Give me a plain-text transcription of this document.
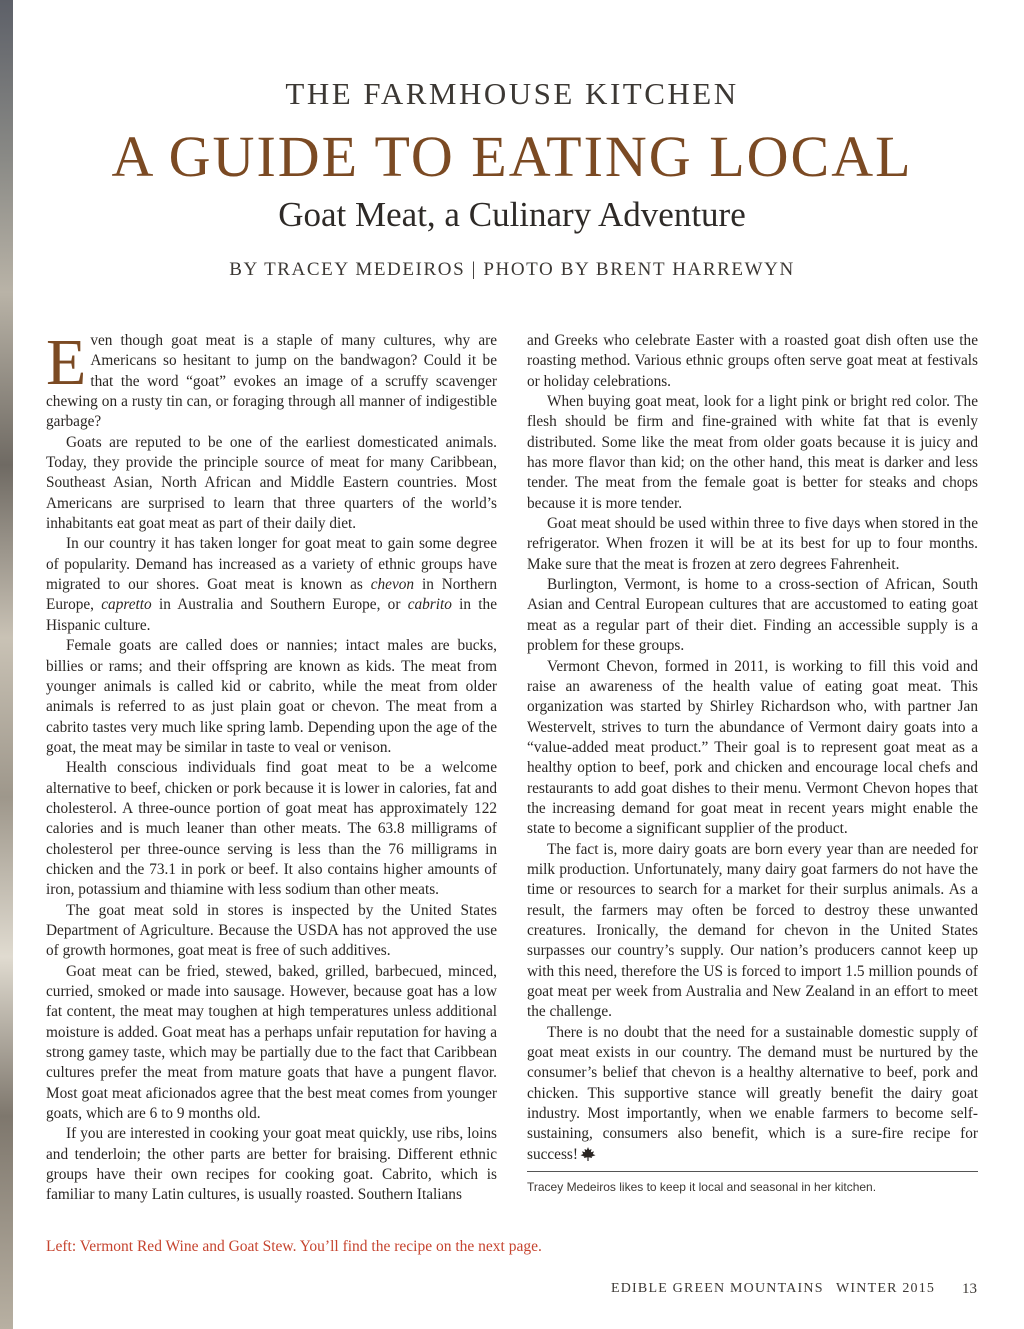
THE FARMHOUSE KITCHEN
A GUIDE TO EATING LOCAL
Goat Meat, a Culinary Adventure
BY TRACEY MEDEIROS | PHOTO BY BRENT HARREWYN

Even though goat meat is a staple of many cultures, why are Americans so hesitant to jump on the bandwagon? Could it be that the word “goat” evokes an image of a scruffy scavenger chewing on a rusty tin can, or foraging through all manner of indigestible garbage?

Goats are reputed to be one of the earliest domesticated animals. Today, they provide the principle source of meat for many Caribbean, Southeast Asian, North African and Middle Eastern countries. Most Americans are surprised to learn that three quarters of the world’s inhabitants eat goat meat as part of their daily diet.

In our country it has taken longer for goat meat to gain some degree of popularity. Demand has increased as a variety of ethnic groups have migrated to our shores. Goat meat is known as chevon in Northern Europe, capretto in Australia and Southern Europe, or cabrito in the Hispanic culture.

Female goats are called does or nannies; intact males are bucks, billies or rams; and their offspring are known as kids. The meat from younger animals is called kid or cabrito, while the meat from older animals is referred to as just plain goat or chevon. The meat from a cabrito tastes very much like spring lamb. Depending upon the age of the goat, the meat may be similar in taste to veal or venison.

Health conscious individuals find goat meat to be a welcome alternative to beef, chicken or pork because it is lower in calories, fat and cholesterol. A three-ounce portion of goat meat has approximately 122 calories and is much leaner than other meats. The 63.8 milligrams of cholesterol per three-ounce serving is less than the 76 milligrams in chicken and the 73.1 in pork or beef. It also contains higher amounts of iron, potassium and thiamine with less sodium than other meats.

The goat meat sold in stores is inspected by the United States Department of Agriculture. Because the USDA has not approved the use of growth hormones, goat meat is free of such additives.

Goat meat can be fried, stewed, baked, grilled, barbecued, minced, curried, smoked or made into sausage. However, because goat has a low fat content, the meat may toughen at high temperatures unless additional moisture is added. Goat meat has a perhaps unfair reputation for having a strong gamey taste, which may be partially due to the fact that Caribbean cultures prefer the meat from mature goats that have a pungent flavor. Most goat meat aficionados agree that the best meat comes from younger goats, which are 6 to 9 months old.

If you are interested in cooking your goat meat quickly, use ribs, loins and tenderloin; the other parts are better for braising. Different ethnic groups have their own recipes for cooking goat. Cabrito, which is familiar to many Latin cultures, is usually roasted. Southern Italians

and Greeks who celebrate Easter with a roasted goat dish often use the roasting method. Various ethnic groups often serve goat meat at festivals or holiday celebrations.

When buying goat meat, look for a light pink or bright red color. The flesh should be firm and fine-grained with white fat that is evenly distributed. Some like the meat from older goats because it is juicy and has more flavor than kid; on the other hand, this meat is darker and less tender. The meat from the female goat is better for steaks and chops because it is more tender.

Goat meat should be used within three to five days when stored in the refrigerator. When frozen it will be at its best for up to four months. Make sure that the meat is frozen at zero degrees Fahrenheit.

Burlington, Vermont, is home to a cross-section of African, South Asian and Central European cultures that are accustomed to eating goat meat as a regular part of their diet. Finding an accessible supply is a problem for these groups.

Vermont Chevon, formed in 2011, is working to fill this void and raise an awareness of the health value of eating goat meat. This organization was started by Shirley Richardson who, with partner Jan Westervelt, strives to turn the abundance of Vermont dairy goats into a “value-added meat product.” Their goal is to represent goat meat as a healthy option to beef, pork and chicken and encourage local chefs and restaurants to add goat dishes to their menu. Vermont Chevon hopes that the increasing demand for goat meat in recent years might enable the state to become a significant supplier of the product.

The fact is, more dairy goats are born every year than are needed for milk production. Unfortunately, many dairy goat farmers do not have the time or resources to search for a market for their surplus animals. As a result, the farmers may often be forced to destroy these unwanted creatures. Ironically, the demand for chevon in the United States surpasses our country’s supply. Our nation’s producers cannot keep up with this need, therefore the US is forced to import 1.5 million pounds of goat meat per week from Australia and New Zealand in an effort to meet the challenge.

There is no doubt that the need for a sustainable domestic supply of goat meat exists in our country. The demand must be nurtured by the consumer’s belief that chevon is a healthy alternative to beef, pork and chicken. This supportive stance will greatly benefit the dairy goat industry. Most importantly, when we enable farmers to become self-sustaining, consumers also benefit, which is a sure-fire recipe for success!

Tracey Medeiros likes to keep it local and seasonal in her kitchen.
Left: Vermont Red Wine and Goat Stew. You’ll find the recipe on the next page.
EDIBLE GREEN MOUNTAINS WINTER 2015 13
